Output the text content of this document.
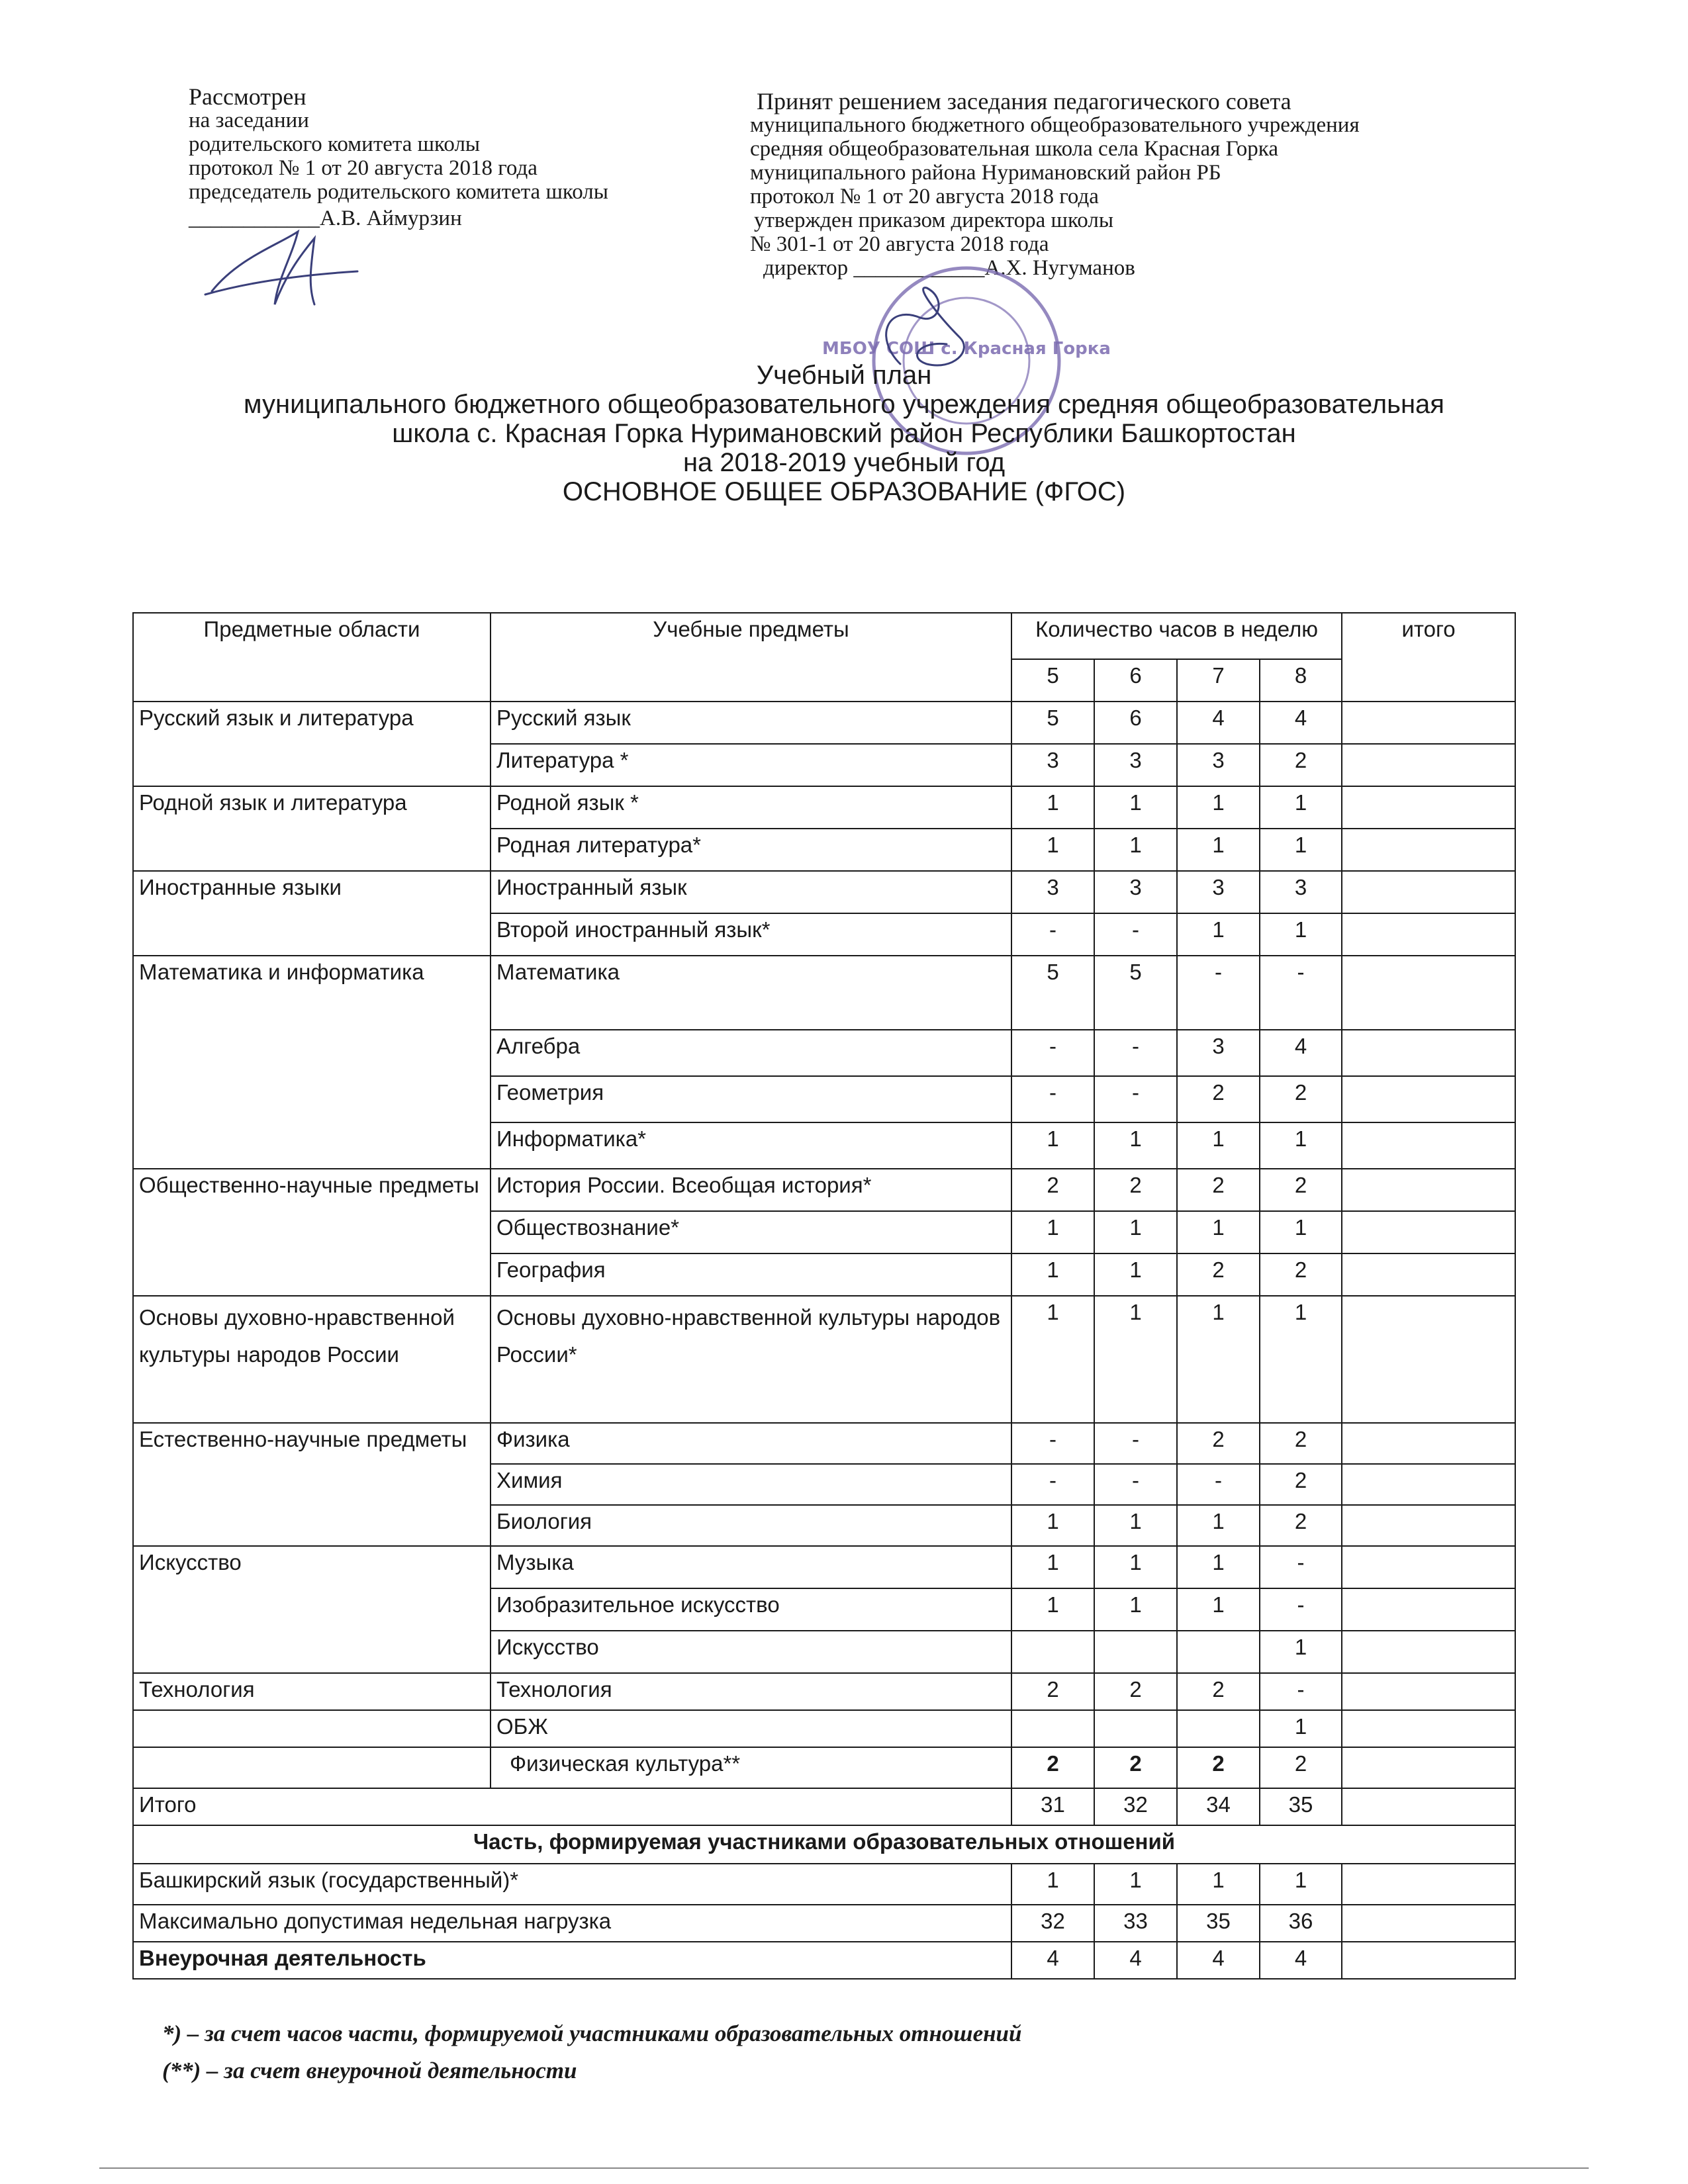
Рассмотрен
на заседании
родительского комитета школы
протокол № 1 от 20 августа 2018 года
председатель родительского комитета школы
____________А.В. Аймурзин
Принят решением заседания педагогического совета
муниципального бюджетного общеобразовательного учреждения
средняя общеобразовательная школа села Красная Горка
муниципального района Нуримановский район РБ
протокол № 1 от 20 августа 2018 года
утвержден приказом директора школы
№ 301-1 от 20 августа 2018 года
директор ____________А.Х. Нугуманов
МБОУ СОШ с. Красная Горка
Учебный план
муниципального бюджетного общеобразовательного учреждения средняя общеобразовательная
школа с. Красная Горка Нуримановский район Республики Башкортостан
на 2018-2019 учебный год
ОСНОВНОЕ ОБЩЕЕ ОБРАЗОВАНИЕ (ФГОС)
Предметные области	Учебные предметы	Количество часов в неделю				итого
		5	6	7	8	
Русский язык и литература	Русский язык	5	6	4	4	
	Литература *	3	3	3	2	
Родной язык и литература	Родной язык *	1	1	1	1	
	Родная литература*	1	1	1	1	
Иностранные языки	Иностранный язык	3	3	3	3	
	Второй иностранный язык*	-	-	1	1	
Математика и информатика	Математика	5	5	-	-	
	Алгебра	-	-	3	4	
	Геометрия	-	-	2	2	
	Информатика*	1	1	1	1	
Общественно-научные предметы	История России. Всеобщая история*	2	2	2	2	
	Обществознание*	1	1	1	1	
	География	1	1	2	2	
Основы духовно-нравственной культуры народов России	Основы духовно-нравственной культуры народов России*	1	1	1	1	
Естественно-научные предметы	Физика	-	-	2	2	
	Химия	-	-	-	2	
	Биология	1	1	1	2	
Искусство	Музыка	1	1	1	-	
	Изобразительное искусство	1	1	1	-	
	Искусство				1	
Технология	Технология	2	2	2	-	
	ОБЖ				1	
	Физическая культура**	2	2	2	2	
Итого		31	32	34	35	
Часть, формируемая участниками образовательных отношений						
Башкирский язык (государственный)*		1	1	1	1	
Максимально допустимая недельная нагрузка		32	33	35	36	
Внеурочная деятельность		4	4	4	4	
*) – за счет часов части, формируемой участниками образовательных отношений
(**) – за счет внеурочной деятельности
